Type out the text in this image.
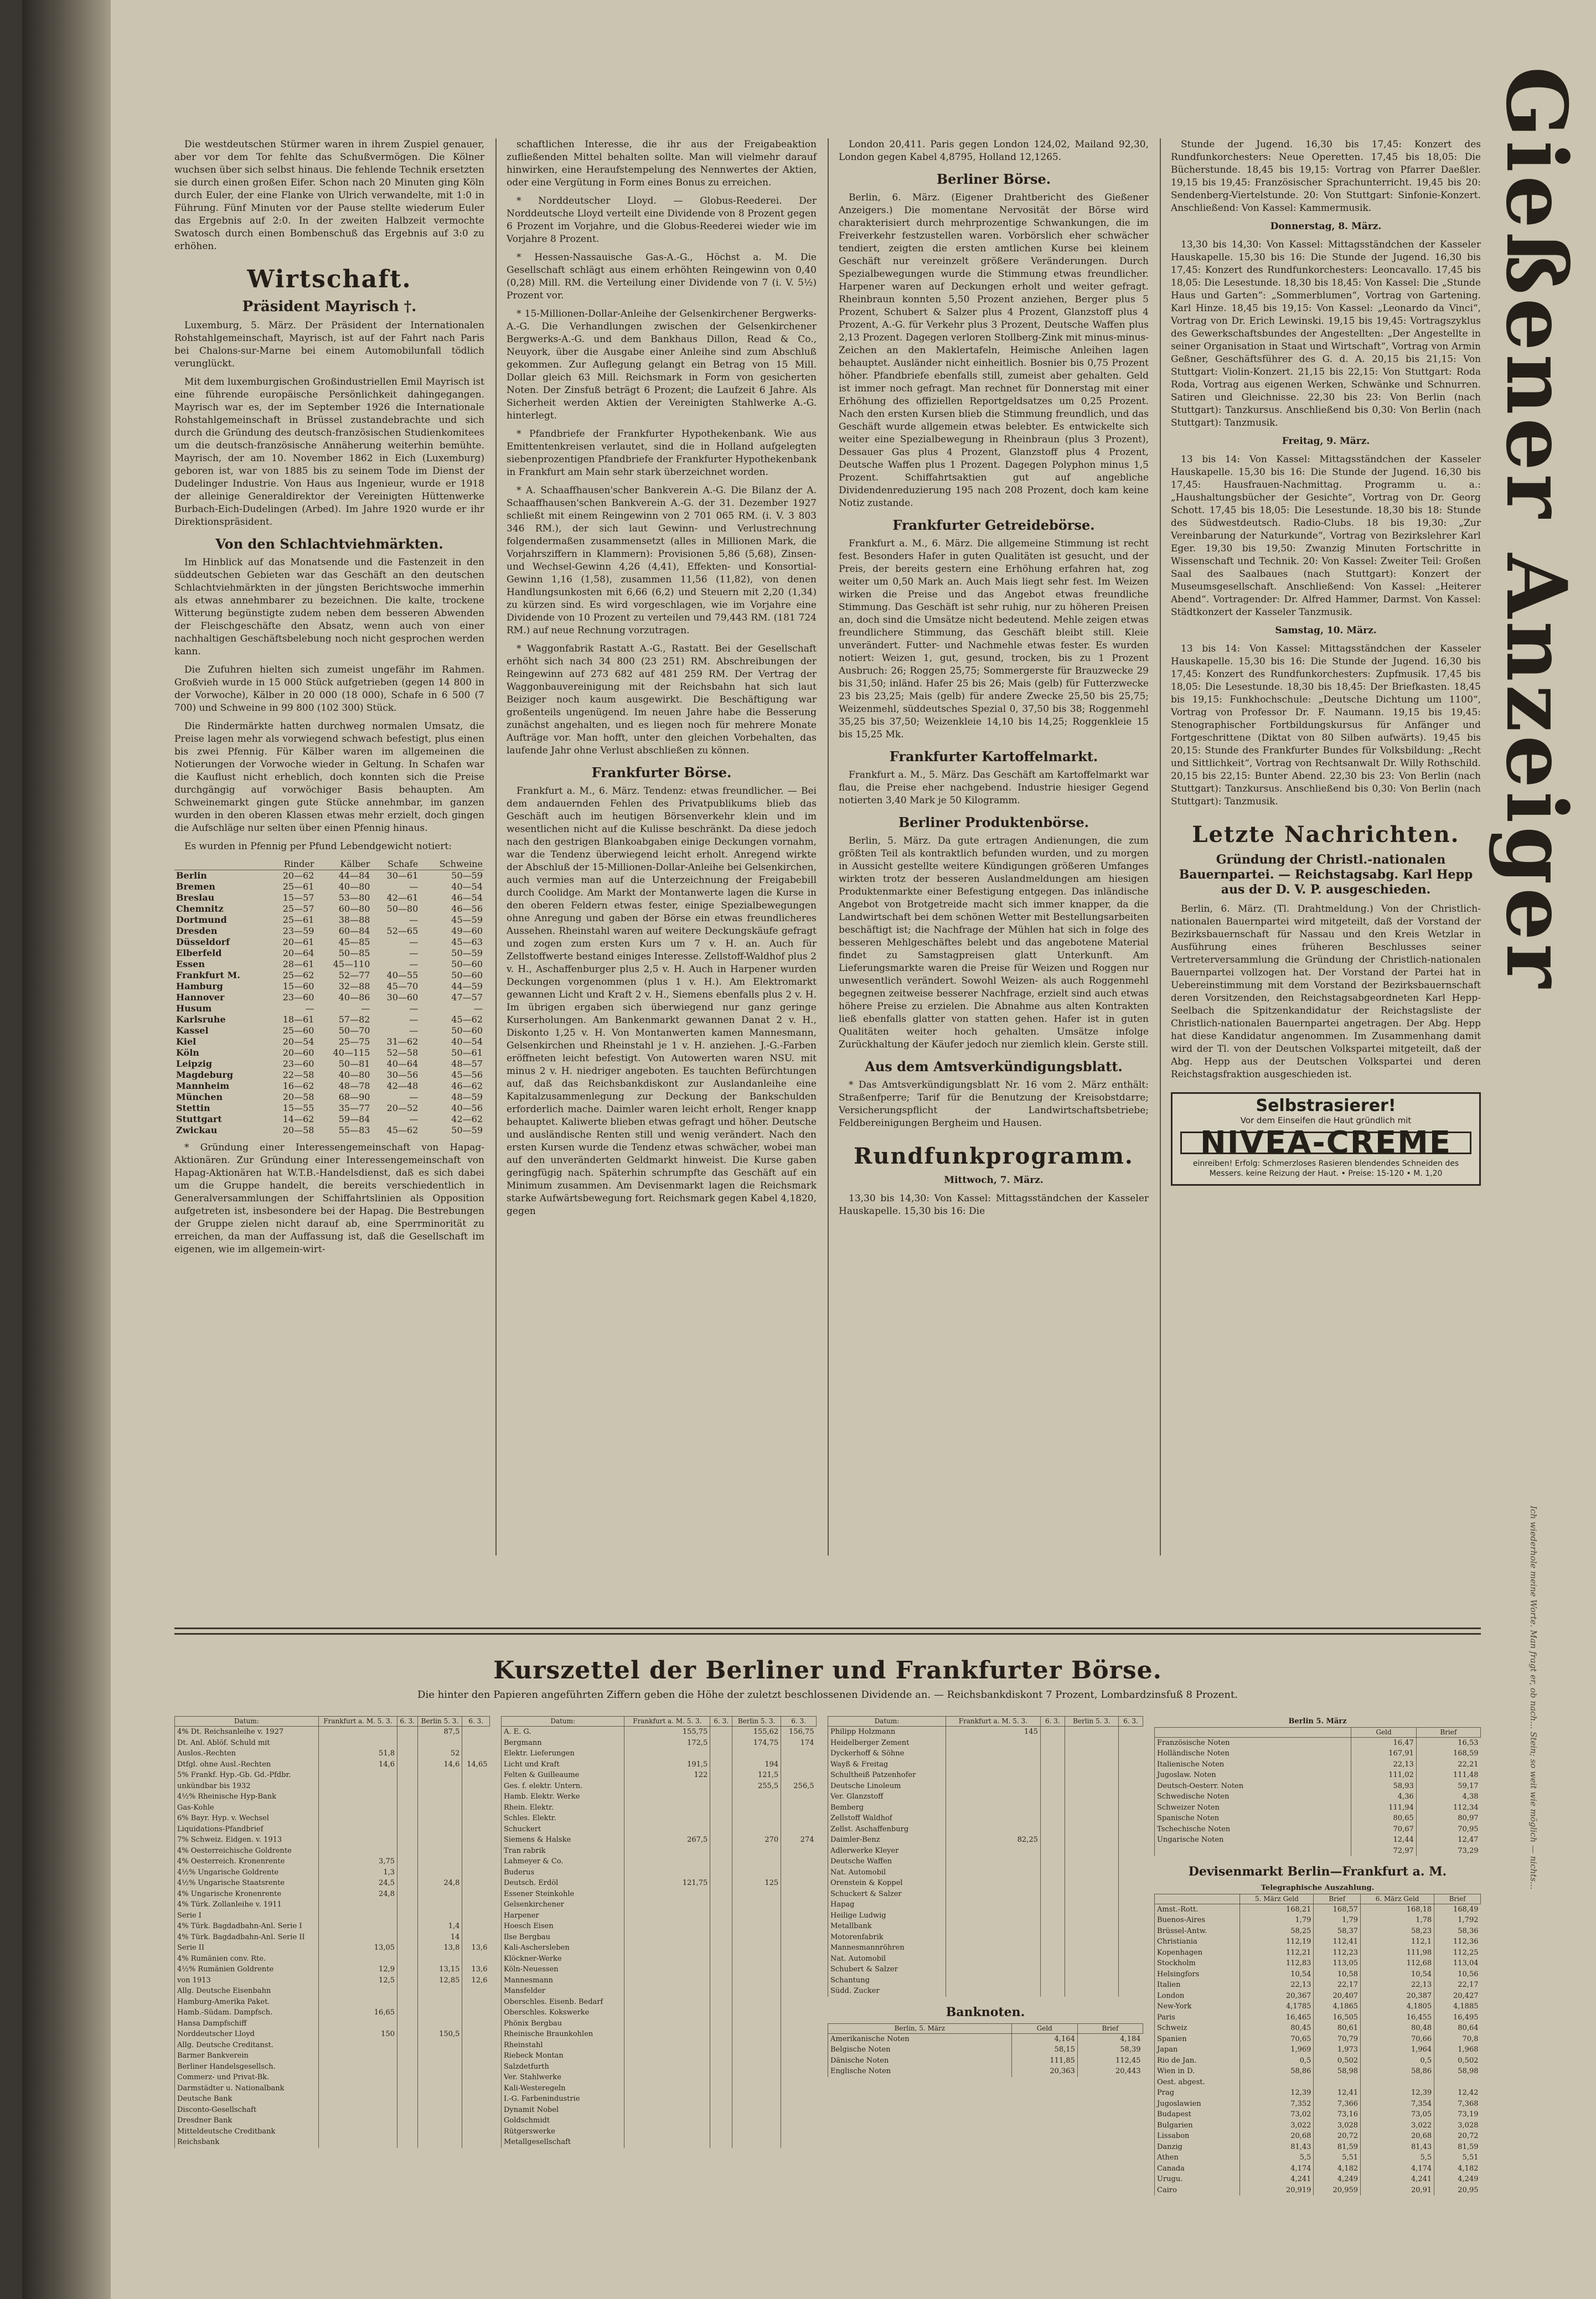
Die westdeutschen Stürmer waren in ihrem Zuspiel genauer, aber vor dem Tor fehlte das Schußvermögen. Die Kölner wuchsen über sich selbst hinaus. Die fehlende Technik ersetzten sie durch einen großen Eifer. Schon nach 20 Minuten ging Köln durch Euler, der eine Flanke von Ulrich verwandelte, mit 1:0 in Führung. Fünf Minuten vor der Pause stellte wiederum Euler das Ergebnis auf 2:0. In der zweiten Halbzeit vermochte Swatosch durch einen Bombenschuß das Ergebnis auf 3:0 zu erhöhen.

Wirtschaft.
Präsident Mayrisch †.

Luxemburg, 5. März. Der Präsident der Internationalen Rohstahlgemeinschaft, Mayrisch, ist auf der Fahrt nach Paris bei Chalons-sur-Marne bei einem Automobilunfall tödlich verunglückt.

Mit dem luxemburgischen Großindustriellen Emil Mayrisch ist eine führende europäische Persönlichkeit dahingegangen. Mayrisch war es, der im September 1926 die Internationale Rohstahlgemeinschaft in Brüssel zustandebrachte und sich durch die Gründung des deutsch-französischen Studienkomitees um die deutsch-französische Annäherung weiterhin bemühte. Mayrisch, der am 10. November 1862 in Eich (Luxemburg) geboren ist, war von 1885 bis zu seinem Tode im Dienst der Dudelinger Industrie. Von Haus aus Ingenieur, wurde er 1918 der alleinige Generaldirektor der Vereinigten Hüttenwerke Burbach-Eich-Dudelingen (Arbed). Im Jahre 1920 wurde er ihr Direktionspräsident.

Von den Schlachtviehmärkten.

Im Hinblick auf das Monatsende und die Fastenzeit in den süddeutschen Gebieten war das Geschäft an den deutschen Schlachtviehmärkten in der jüngsten Berichtswoche immerhin als etwas annehmbarer zu bezeichnen. Die kalte, trockene Witterung begünstigte zudem neben dem besseren Abwenden der Fleischgeschäfte den Absatz, wenn auch von einer nachhaltigen Geschäftsbelebung noch nicht gesprochen werden kann.

Die Zufuhren hielten sich zumeist ungefähr im Rahmen. Großvieh wurde in 15 000 Stück aufgetrieben (gegen 14 800 in der Vorwoche), Kälber in 20 000 (18 000), Schafe in 6 500 (7 700) und Schweine in 99 800 (102 300) Stück.

Die Rindermärkte hatten durchweg normalen Umsatz, die Preise lagen mehr als vorwiegend schwach befestigt, plus einen bis zwei Pfennig. Für Kälber waren im allgemeinen die Notierungen der Vorwoche wieder in Geltung. In Schafen war die Kauflust nicht erheblich, doch konnten sich die Preise durchgängig auf vorwöchiger Basis behaupten. Am Schweinemarkt gingen gute Stücke annehmbar, im ganzen wurden in den oberen Klassen etwas mehr erzielt, doch gingen die Aufschläge nur selten über einen Pfennig hinaus.

Es wurden in Pfennig per Pfund Lebendgewicht notiert:

	Rinder	Kälber	Schafe	Schweine
Berlin	20—62	44—84	30—61	50—59
Bremen	25—61	40—80	—	40—54
Breslau	15—57	53—80	42—61	46—54
Chemnitz	25—57	60—80	50—80	46—56
Dortmund	25—61	38—88	—	45—59
Dresden	23—59	60—84	52—65	49—60
Düsseldorf	20—61	45—85	—	45—63
Elberfeld	20—64	50—85	—	50—59
Essen	28—61	45—110	—	50—60
Frankfurt M.	25—62	52—77	40—55	50—60
Hamburg	15—60	32—88	45—70	44—59
Hannover	23—60	40—86	30—60	47—57
Husum	—	—	—	—
Karlsruhe	18—61	57—82	—	45—62
Kassel	25—60	50—70	—	50—60
Kiel	20—54	25—75	31—62	40—54
Köln	20—60	40—115	52—58	50—61
Leipzig	23—60	50—81	40—64	48—57
Magdeburg	22—58	40—80	30—56	45—56
Mannheim	16—62	48—78	42—48	46—62
München	20—58	68—90	—	48—59
Stettin	15—55	35—77	20—52	40—56
Stuttgart	14—62	59—84	—	42—62
Zwickau	20—58	55—83	45—62	50—59

* Gründung einer Interessengemeinschaft von Hapag-Aktionären. Zur Gründung einer Interessengemeinschaft von Hapag-Aktionären hat W.T.B.-Handelsdienst, daß es sich dabei um die Gruppe handelt, die bereits verschiedentlich in Generalversammlungen der Schiffahrtslinien als Opposition aufgetreten ist, insbesondere bei der Hapag. Die Bestrebungen der Gruppe zielen nicht darauf ab, eine Sperrminorität zu erreichen, da man der Auffassung ist, daß die Gesellschaft im eigenen, wie im allgemein-wirt-

schaftlichen Interesse, die ihr aus der Freigabeaktion zufließenden Mittel behalten sollte. Man will vielmehr darauf hinwirken, eine Heraufstempelung des Nennwertes der Aktien, oder eine Vergütung in Form eines Bonus zu erreichen.

* Norddeutscher Lloyd. — Globus-Reederei. Der Norddeutsche Lloyd verteilt eine Dividende von 8 Prozent gegen 6 Prozent im Vorjahre, und die Globus-Reederei wieder wie im Vorjahre 8 Prozent.

* Hessen-Nassauische Gas-A.-G., Höchst a. M. Die Gesellschaft schlägt aus einem erhöhten Reingewinn von 0,40 (0,28) Mill. RM. die Verteilung einer Dividende von 7 (i. V. 5½) Prozent vor.

* 15-Millionen-Dollar-Anleihe der Gelsenkirchener Bergwerks-A.-G. Die Verhandlungen zwischen der Gelsenkirchener Bergwerks-A.-G. und dem Bankhaus Dillon, Read & Co., Neuyork, über die Ausgabe einer Anleihe sind zum Abschluß gekommen. Zur Auflegung gelangt ein Betrag von 15 Mill. Dollar gleich 63 Mill. Reichsmark in Form von gesicherten Noten. Der Zinsfuß beträgt 6 Prozent; die Laufzeit 6 Jahre. Als Sicherheit werden Aktien der Vereinigten Stahlwerke A.-G. hinterlegt.

* Pfandbriefe der Frankfurter Hypothekenbank. Wie aus Emittentenkreisen verlautet, sind die in Holland aufgelegten siebenprozentigen Pfandbriefe der Frankfurter Hypothekenbank in Frankfurt am Main sehr stark überzeichnet worden.

* A. Schaaffhausen'scher Bankverein A.-G. Die Bilanz der A. Schaaffhausen'schen Bankverein A.-G. der 31. Dezember 1927 schließt mit einem Reingewinn von 2 701 065 RM. (i. V. 3 803 346 RM.), der sich laut Gewinn- und Verlustrechnung folgendermaßen zusammensetzt (alles in Millionen Mark, die Vorjahrsziffern in Klammern): Provisionen 5,86 (5,68), Zinsen- und Wechsel-Gewinn 4,26 (4,41), Effekten- und Konsortial-Gewinn 1,16 (1,58), zusammen 11,56 (11,82), von denen Handlungsunkosten mit 6,66 (6,2) und Steuern mit 2,20 (1,34) zu kürzen sind. Es wird vorgeschlagen, wie im Vorjahre eine Dividende von 10 Prozent zu verteilen und 79,443 RM. (181 724 RM.) auf neue Rechnung vorzutragen.

* Waggonfabrik Rastatt A.-G., Rastatt. Bei der Gesellschaft erhöht sich nach 34 800 (23 251) RM. Abschreibungen der Reingewinn auf 273 682 auf 481 259 RM. Der Vertrag der Waggonbauvereinigung mit der Reichsbahn hat sich laut Beiziger noch kaum ausgewirkt. Die Beschäftigung war großenteils ungenügend. Im neuen Jahre habe die Besserung zunächst angehalten, und es liegen noch für mehrere Monate Aufträge vor. Man hofft, unter den gleichen Vorbehalten, das laufende Jahr ohne Verlust abschließen zu können.

Frankfurter Börse.

Frankfurt a. M., 6. März. Tendenz: etwas freundlicher. — Bei dem andauernden Fehlen des Privatpublikums blieb das Geschäft auch im heutigen Börsenverkehr klein und im wesentlichen nicht auf die Kulisse beschränkt. Da diese jedoch nach den gestrigen Blankoabgaben einige Deckungen vornahm, war die Tendenz überwiegend leicht erholt. Anregend wirkte der Abschluß der 15-Millionen-Dollar-Anleihe bei Gelsenkirchen, auch vermies man auf die Unterzeichnung der Freigabebill durch Coolidge. Am Markt der Montanwerte lagen die Kurse in den oberen Feldern etwas fester, einige Spezialbewegungen ohne Anregung und gaben der Börse ein etwas freundlicheres Aussehen. Rheinstahl waren auf weitere Deckungskäufe gefragt und zogen zum ersten Kurs um 7 v. H. an. Auch für Zellstoffwerte bestand einiges Interesse. Zellstoff-Waldhof plus 2 v. H., Aschaffenburger plus 2,5 v. H. Auch in Harpener wurden Deckungen vorgenommen (plus 1 v. H.). Am Elektromarkt gewannen Licht und Kraft 2 v. H., Siemens ebenfalls plus 2 v. H. Im übrigen ergaben sich überwiegend nur ganz geringe Kurserholungen. Am Bankenmarkt gewannen Danat 2 v. H., Diskonto 1,25 v. H. Von Montanwerten kamen Mannesmann, Gelsenkirchen und Rheinstahl je 1 v. H. anziehen. J.-G.-Farben eröffneten leicht befestigt. Von Autowerten waren NSU. mit minus 2 v. H. niedriger angeboten. Es tauchten Befürchtungen auf, daß das Reichsbankdiskont zur Auslandanleihe eine Kapitalzusammenlegung zur Deckung der Bankschulden erforderlich mache. Daimler waren leicht erholt, Renger knapp behauptet. Kaliwerte blieben etwas gefragt und höher. Deutsche und ausländische Renten still und wenig verändert. Nach den ersten Kursen wurde die Tendenz etwas schwächer, wobei man auf den unveränderten Geldmarkt hinweist. Die Kurse gaben geringfügig nach. Späterhin schrumpfte das Geschäft auf ein Minimum zusammen. Am Devisenmarkt lagen die Reichsmark starke Aufwärtsbewegung fort. Reichsmark gegen Kabel 4,1820, gegen

London 20,411. Paris gegen London 124,02, Mailand 92,30, London gegen Kabel 4,8795, Holland 12,1265.

Berliner Börse.

Berlin, 6. März. (Eigener Drahtbericht des Gießener Anzeigers.) Die momentane Nervosität der Börse wird charakterisiert durch mehrprozentige Schwankungen, die im Freiverkehr festzustellen waren. Vorbörslich eher schwächer tendiert, zeigten die ersten amtlichen Kurse bei kleinem Geschäft nur vereinzelt größere Veränderungen. Durch Spezialbewegungen wurde die Stimmung etwas freundlicher. Harpener waren auf Deckungen erholt und weiter gefragt. Rheinbraun konnten 5,50 Prozent anziehen, Berger plus 5 Prozent, Schubert & Salzer plus 4 Prozent, Glanzstoff plus 4 Prozent, A.-G. für Verkehr plus 3 Prozent, Deutsche Waffen plus 2,13 Prozent. Dagegen verloren Stollberg-Zink mit minus-minus-Zeichen an den Maklertafeln, Heimische Anleihen lagen behauptet. Ausländer nicht einheitlich. Bosnier bis 0,75 Prozent höher. Pfandbriefe ebenfalls still, zumeist aber gehalten. Geld ist immer noch gefragt. Man rechnet für Donnerstag mit einer Erhöhung des offiziellen Reportgeldsatzes um 0,25 Prozent. Nach den ersten Kursen blieb die Stimmung freundlich, und das Geschäft wurde allgemein etwas belebter. Es entwickelte sich weiter eine Spezialbewegung in Rheinbraun (plus 3 Prozent), Dessauer Gas plus 4 Prozent, Glanzstoff plus 4 Prozent, Deutsche Waffen plus 1 Prozent. Dagegen Polyphon minus 1,5 Prozent. Schiffahrtsaktien gut auf angebliche Dividendenreduzierung 195 nach 208 Prozent, doch kam keine Notiz zustande.

Frankfurter Getreidebörse.

Frankfurt a. M., 6. März. Die allgemeine Stimmung ist recht fest. Besonders Hafer in guten Qualitäten ist gesucht, und der Preis, der bereits gestern eine Erhöhung erfahren hat, zog weiter um 0,50 Mark an. Auch Mais liegt sehr fest. Im Weizen wirken die Preise und das Angebot etwas freundliche Stimmung. Das Geschäft ist sehr ruhig, nur zu höheren Preisen an, doch sind die Umsätze nicht bedeutend. Mehle zeigen etwas freundlichere Stimmung, das Geschäft bleibt still. Kleie unverändert. Futter- und Nachmehle etwas fester. Es wurden notiert: Weizen 1, gut, gesund, trocken, bis zu 1 Prozent Ausbruch: 26; Roggen 25,75; Sommergerste für Brauzwecke 29 bis 31,50; inländ. Hafer 25 bis 26; Mais (gelb) für Futterzwecke 23 bis 23,25; Mais (gelb) für andere Zwecke 25,50 bis 25,75; Weizenmehl, süddeutsches Spezial 0, 37,50 bis 38; Roggenmehl 35,25 bis 37,50; Weizenkleie 14,10 bis 14,25; Roggenkleie 15 bis 15,25 Mk.

Frankfurter Kartoffelmarkt.

Frankfurt a. M., 5. März. Das Geschäft am Kartoffelmarkt war flau, die Preise eher nachgebend. Industrie hiesiger Gegend notierten 3,40 Mark je 50 Kilogramm.

Berliner Produktenbörse.

Berlin, 5. März. Da gute ertragen Andienungen, die zum größten Teil als kontraktlich befunden wurden, und zu morgen in Aussicht gestellte weitere Kündigungen größeren Umfanges wirkten trotz der besseren Auslandmeldungen am hiesigen Produktenmarkte einer Befestigung entgegen. Das inländische Angebot von Brotgetreide macht sich immer knapper, da die Landwirtschaft bei dem schönen Wetter mit Bestellungsarbeiten beschäftigt ist; die Nachfrage der Mühlen hat sich in folge des besseren Mehlgeschäftes belebt und das angebotene Material findet zu Samstagpreisen glatt Unterkunft. Am Lieferungsmarkte waren die Preise für Weizen und Roggen nur unwesentlich verändert. Sowohl Weizen- als auch Roggenmehl begegnen zeitweise besserer Nachfrage, erzielt sind auch etwas höhere Preise zu erzielen. Die Abnahme aus alten Kontrakten ließ ebenfalls glatter von statten gehen. Hafer ist in guten Qualitäten weiter hoch gehalten. Umsätze infolge Zurückhaltung der Käufer jedoch nur ziemlich klein. Gerste still.

Aus dem Amtsverkündigungsblatt.

* Das Amtsverkündigungsblatt Nr. 16 vom 2. März enthält: Straßenfperre; Tarif für die Benutzung der Kreisobstdarre; Versicherungspflicht der Landwirtschaftsbetriebe; Feldbereinigungen Bergheim und Hausen.

Rundfunkprogramm.

Mittwoch, 7. März.

13,30 bis 14,30: Von Kassel: Mittagsständchen der Kasseler Hauskapelle. 15,30 bis 16: Die

Stunde der Jugend. 16,30 bis 17,45: Konzert des Rundfunkorchesters: Neue Operetten. 17,45 bis 18,05: Die Bücherstunde. 18,45 bis 19,15: Vortrag von Pfarrer Daeßler. 19,15 bis 19,45: Französischer Sprachunterricht. 19,45 bis 20: Sendenberg-Viertelstunde. 20: Von Stuttgart: Sinfonie-Konzert. Anschließend: Von Kassel: Kammermusik.

Donnerstag, 8. März.

13,30 bis 14,30: Von Kassel: Mittagsständchen der Kasseler Hauskapelle. 15,30 bis 16: Die Stunde der Jugend. 16,30 bis 17,45: Konzert des Rundfunkorchesters: Leoncavallo. 17,45 bis 18,05: Die Lesestunde. 18,30 bis 18,45: Von Kassel: Die „Stunde Haus und Garten“: „Sommerblumen“, Vortrag von Gartening. Karl Hinze. 18,45 bis 19,15: Von Kassel: „Leonardo da Vinci“, Vortrag von Dr. Erich Lewinski. 19,15 bis 19,45: Vortragszyklus des Gewerkschaftsbundes der Angestellten: „Der Angestellte in seiner Organisation in Staat und Wirtschaft“, Vortrag von Armin Geßner, Geschäftsführer des G. d. A. 20,15 bis 21,15: Von Stuttgart: Violin-Konzert. 21,15 bis 22,15: Von Stuttgart: Roda Roda, Vortrag aus eigenen Werken, Schwänke und Schnurren. Satiren und Gleichnisse. 22,30 bis 23: Von Berlin (nach Stuttgart): Tanzkursus. Anschließend bis 0,30: Von Berlin (nach Stuttgart): Tanzmusik.

Freitag, 9. März.

13 bis 14: Von Kassel: Mittagsständchen der Kasseler Hauskapelle. 15,30 bis 16: Die Stunde der Jugend. 16,30 bis 17,45: Hausfrauen-Nachmittag. Programm u. a.: „Haushaltungsbücher der Gesichte“, Vortrag von Dr. Georg Schott. 17,45 bis 18,05: Die Lesestunde. 18,30 bis 18: Stunde des Südwestdeutsch. Radio-Clubs. 18 bis 19,30: „Zur Vereinbarung der Naturkunde“, Vortrag von Bezirkslehrer Karl Eger. 19,30 bis 19,50: Zwanzig Minuten Fortschritte in Wissenschaft und Technik. 20: Von Kassel: Zweiter Teil: Großen Saal des Saalbaues (nach Stuttgart): Konzert der Museumsgesellschaft. Anschließend: Von Kassel: „Heiterer Abend“. Vortragender: Dr. Alfred Hammer, Darmst. Von Kassel: Städtkonzert der Kasseler Tanzmusik.

Samstag, 10. März.

13 bis 14: Von Kassel: Mittagsständchen der Kasseler Hauskapelle. 15,30 bis 16: Die Stunde der Jugend. 16,30 bis 17,45: Konzert des Rundfunkorchesters: Zupfmusik. 17,45 bis 18,05: Die Lesestunde. 18,30 bis 18,45: Der Briefkasten. 18,45 bis 19,15: Funkhochschule: „Deutsche Dichtung um 1100“, Vortrag von Professor Dr. F. Naumann. 19,15 bis 19,45: Stenographischer Fortbildungskursus für Anfänger und Fortgeschrittene (Diktat von 80 Silben aufwärts). 19,45 bis 20,15: Stunde des Frankfurter Bundes für Volksbildung: „Recht und Sittlichkeit“, Vortrag von Rechtsanwalt Dr. Willy Rothschild. 20,15 bis 22,15: Bunter Abend. 22,30 bis 23: Von Berlin (nach Stuttgart): Tanzkursus. Anschließend bis 0,30: Von Berlin (nach Stuttgart): Tanzmusik.

Letzte Nachrichten.

Gründung der Christl.-nationalen Bauernpartei. — Reichstagsabg. Karl Hepp aus der D. V. P. ausgeschieden.

Berlin, 6. März. (Tl. Drahtmeldung.) Von der Christlich-nationalen Bauernpartei wird mitgeteilt, daß der Vorstand der Bezirksbauernschaft für Nassau und den Kreis Wetzlar in Ausführung eines früheren Beschlusses seiner Vertreterversammlung die Gründung der Christlich-nationalen Bauernpartei vollzogen hat. Der Vorstand der Partei hat in Uebereinstimmung mit dem Vorstand der Bezirksbauernschaft deren Vorsitzenden, den Reichstagsabgeordneten Karl Hepp-Seelbach die Spitzenkandidatur der Reichstagsliste der Christlich-nationalen Bauernpartei angetragen. Der Abg. Hepp hat diese Kandidatur angenommen. Im Zusammenhang damit wird der Tl. von der Deutschen Volkspartei mitgeteilt, daß der Abg. Hepp aus der Deutschen Volkspartei und deren Reichstagsfraktion ausgeschieden ist.

Selbstrasierer!
Vor dem Einseifen die Haut gründlich mit
NIVEA-CREME
einreiben! Erfolg: Schmerzloses Rasieren blendendes Schneiden des Messers. keine Reizung der Haut. • Preise: 15-120 • M. 1,20

Kurszettel der Berliner und Frankfurter Börse.

Die hinter den Papieren angeführten Ziffern geben die Höhe der zuletzt beschlossenen Dividende an. — Reichsbankdiskont 7 Prozent, Lombardzinsfuß 8 Prozent.

Datum:	Frankfurt a. M. 5. 3.	6. 3.	Berlin 5. 3.	6. 3.
4% Dt. Reichsanleihe v. 1927			87,5	
Dt. Anl. Ablöf. Schuld mit				
Auslos.-Rechten	51,8		52	
Dtfgl. ohne Ausl.-Rechten	14,6		14,6	14,65
5% Frankf. Hyp.-Gb. Gd.-Pfdbr.				
unkündbar bis 1932				
4½% Rheinische Hyp-Bank				
Gas-Kohle				
6% Bayr. Hyp. v. Wechsel				
Liquidations-Pfandbrief				
7% Schweiz. Eidgen. v. 1913				
4% Oesterreichische Goldrente				
4% Oesterreich. Kronenrente	3,75			
4½% Ungarische Goldrente	1,3			
4½% Ungarische Staatsrente	24,5		24,8	
4% Ungarische Kronenrente	24,8			
4% Türk. Zollanleihe v. 1911				
Serie I				
4% Türk. Bagdadbahn-Anl. Serie I			1,4	
4% Türk. Bagdadbahn-Anl. Serie II			14	
Serie II	13,05		13,8	13,6
4% Rumänien conv. Rte.				
4½% Rumänien Goldrente	12,9		13,15	13,6
von 1913	12,5		12,85	12,6
Allg. Deutsche Eisenbahn				
Hamburg-Amerika Paket.				
Hamb.-Südam. Dampfsch.	16,65			
Hansa Dampfschiff				
Norddeutscher Lloyd	150		150,5	
Allg. Deutsche Creditanst.				
Barmer Bankverein				
Berliner Handelsgesellsch.				
Commerz- und Privat-Bk.				
Darmstädter u. Nationalbank				
Deutsche Bank				
Disconto-Gesellschaft				
Dresdner Bank				
Mitteldeutsche Creditbank				
Reichsbank				
Datum:	Frankfurt a. M. 5. 3.	6. 3.	Berlin 5. 3.	6. 3.
A. E. G.	155,75		155,62	156,75
Bergmann	172,5		174,75	174
Elektr. Lieferungen				
Licht und Kraft	191,5		194	
Felten & Guilleaume	122		121,5	
Ges. f. elektr. Untern.			255,5	256,5
Hamb. Elektr. Werke				
Rhein. Elektr.				
Schles. Elektr.				
Schuckert				
Siemens & Halske	267,5		270	274
Tran rabrik				
Lahmeyer & Co.				
Buderus				
Deutsch. Erdöl	121,75		125	
Essener Steinkohle				
Gelsenkirchener				
Harpener				
Hoesch Eisen				
Ilse Bergbau				
Kali-Aschersleben				
Klöckner-Werke				
Köln-Neuessen				
Mannesmann				
Mansfelder				
Oberschles. Eisenb. Bedarf				
Oberschles. Kokswerke				
Phönix Bergbau				
Rheinische Braunkohlen				
Rheinstahl				
Riebeck Montan				
Salzdetfurth				
Ver. Stahlwerke				
Kali-Westeregeln				
I.-G. Farbenindustrie				
Dynamit Nobel				
Goldschmidt				
Rütgerswerke				
Metallgesellschaft				
Datum:	Frankfurt a. M. 5. 3.	6. 3.	Berlin 5. 3.	6. 3.
Philipp Holzmann	145			
Heidelberger Zement				
Dyckerhoff & Söhne				
Wayß & Freitag				
Schultheiß Patzenhofer				
Deutsche Linoleum				
Ver. Glanzstoff				
Bemberg				
Zellstoff Waldhof				
Zellst. Aschaffenburg				
Daimler-Benz	82,25			
Adlerwerke Kleyer				
Deutsche Waffen				
Nat. Automobil				
Orenstein & Koppel				
Schuckert & Salzer				
Hapag				
Heilige Ludwig				
Metallbank				
Motorenfabrik				
Mannesmannröhren				
Nat. Automobil				
Schubert & Salzer				
Schantung				
Südd. Zucker				
Banknoten.
Berlin, 5. März	Geld	Brief
Amerikanische Noten	4,164	4,184
Belgische Noten	58,15	58,39
Dänische Noten	111,85	112,45
Englische Noten	20,363	20,443
Berlin 5. März
	Geld	Brief
Französische Noten	16,47	16,53
Holländische Noten	167,91	168,59
Italienische Noten	22,13	22,21
Jugoslaw. Noten	111,02	111,48
Deutsch-Oesterr. Noten	58,93	59,17
Schwedische Noten	4,36	4,38
Schweizer Noten	111,94	112,34
Spanische Noten	80,65	80,97
Tschechische Noten	70,67	70,95
Ungarische Noten	12,44	12,47
	72,97	73,29
Devisenmarkt Berlin—Frankfurt a. M.
Telegraphische Auszahlung.
	5. März Geld	Brief	6. März Geld	Brief
Amst.-Rott.	168,21	168,57	168,18	168,49
Buenos-Aires	1,79	1,79	1,78	1,792
Brüssel-Antw.	58,25	58,37	58,23	58,36
Christiania	112,19	112,41	112,1	112,36
Kopenhagen	112,21	112,23	111,98	112,25
Stockholm	112,83	113,05	112,68	113,04
Helsingfors	10,54	10,58	10,54	10,56
Italien	22,13	22,17	22,13	22,17
London	20,367	20,407	20,387	20,427
New-York	4,1785	4,1865	4,1805	4,1885
Paris	16,465	16,505	16,455	16,495
Schweiz	80,45	80,61	80,48	80,64
Spanien	70,65	70,79	70,66	70,8
Japan	1,969	1,973	1,964	1,968
Rio de Jan.	0,5	0,502	0,5	0,502
Wien in D.	58,86	58,98	58,86	58,98
Oest. abgest.				
Prag	12,39	12,41	12,39	12,42
Jugoslawien	7,352	7,366	7,354	7,368
Budapest	73,02	73,16	73,05	73,19
Bulgarien	3,022	3,028	3,022	3,028
Lissabon	20,68	20,72	20,68	20,72
Danzig	81,43	81,59	81,43	81,59
Athen	5,5	5,51	5,5	5,51
Canada	4,174	4,182	4,174	4,182
Urugu.	4,241	4,249	4,241	4,249
Cairo	20,919	20,959	20,91	20,95
Gießener Anzeiger
Ich wiederhole meine Worte. Man fragt er, ob nach... Stein; so weit wie möglich — nichts...
